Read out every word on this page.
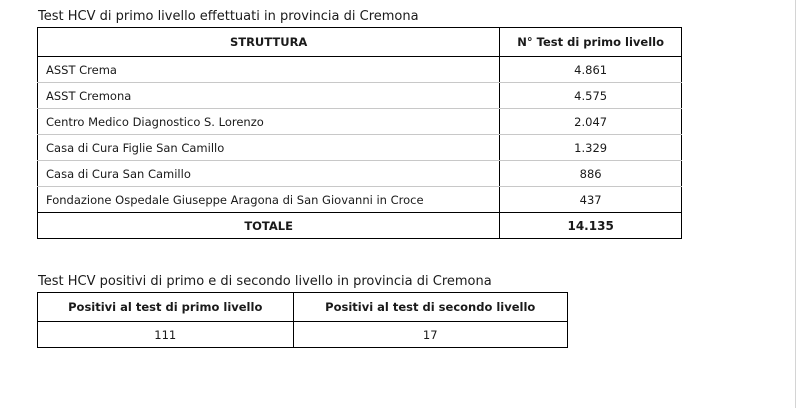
Test HCV di primo livello effettuati in provincia di Cremona
STRUTTURA	N° Test di primo livello
ASST Crema	4.861
ASST Cremona	4.575
Centro Medico Diagnostico S. Lorenzo	2.047
Casa di Cura Figlie San Camillo	1.329
Casa di Cura San Camillo	886
Fondazione Ospedale Giuseppe Aragona di San Giovanni in Croce	437
TOTALE	14.135
Test HCV positivi di primo e di secondo livello in provincia di Cremona
Positivi al test di primo livello	Positivi al test di secondo livello
111	17
